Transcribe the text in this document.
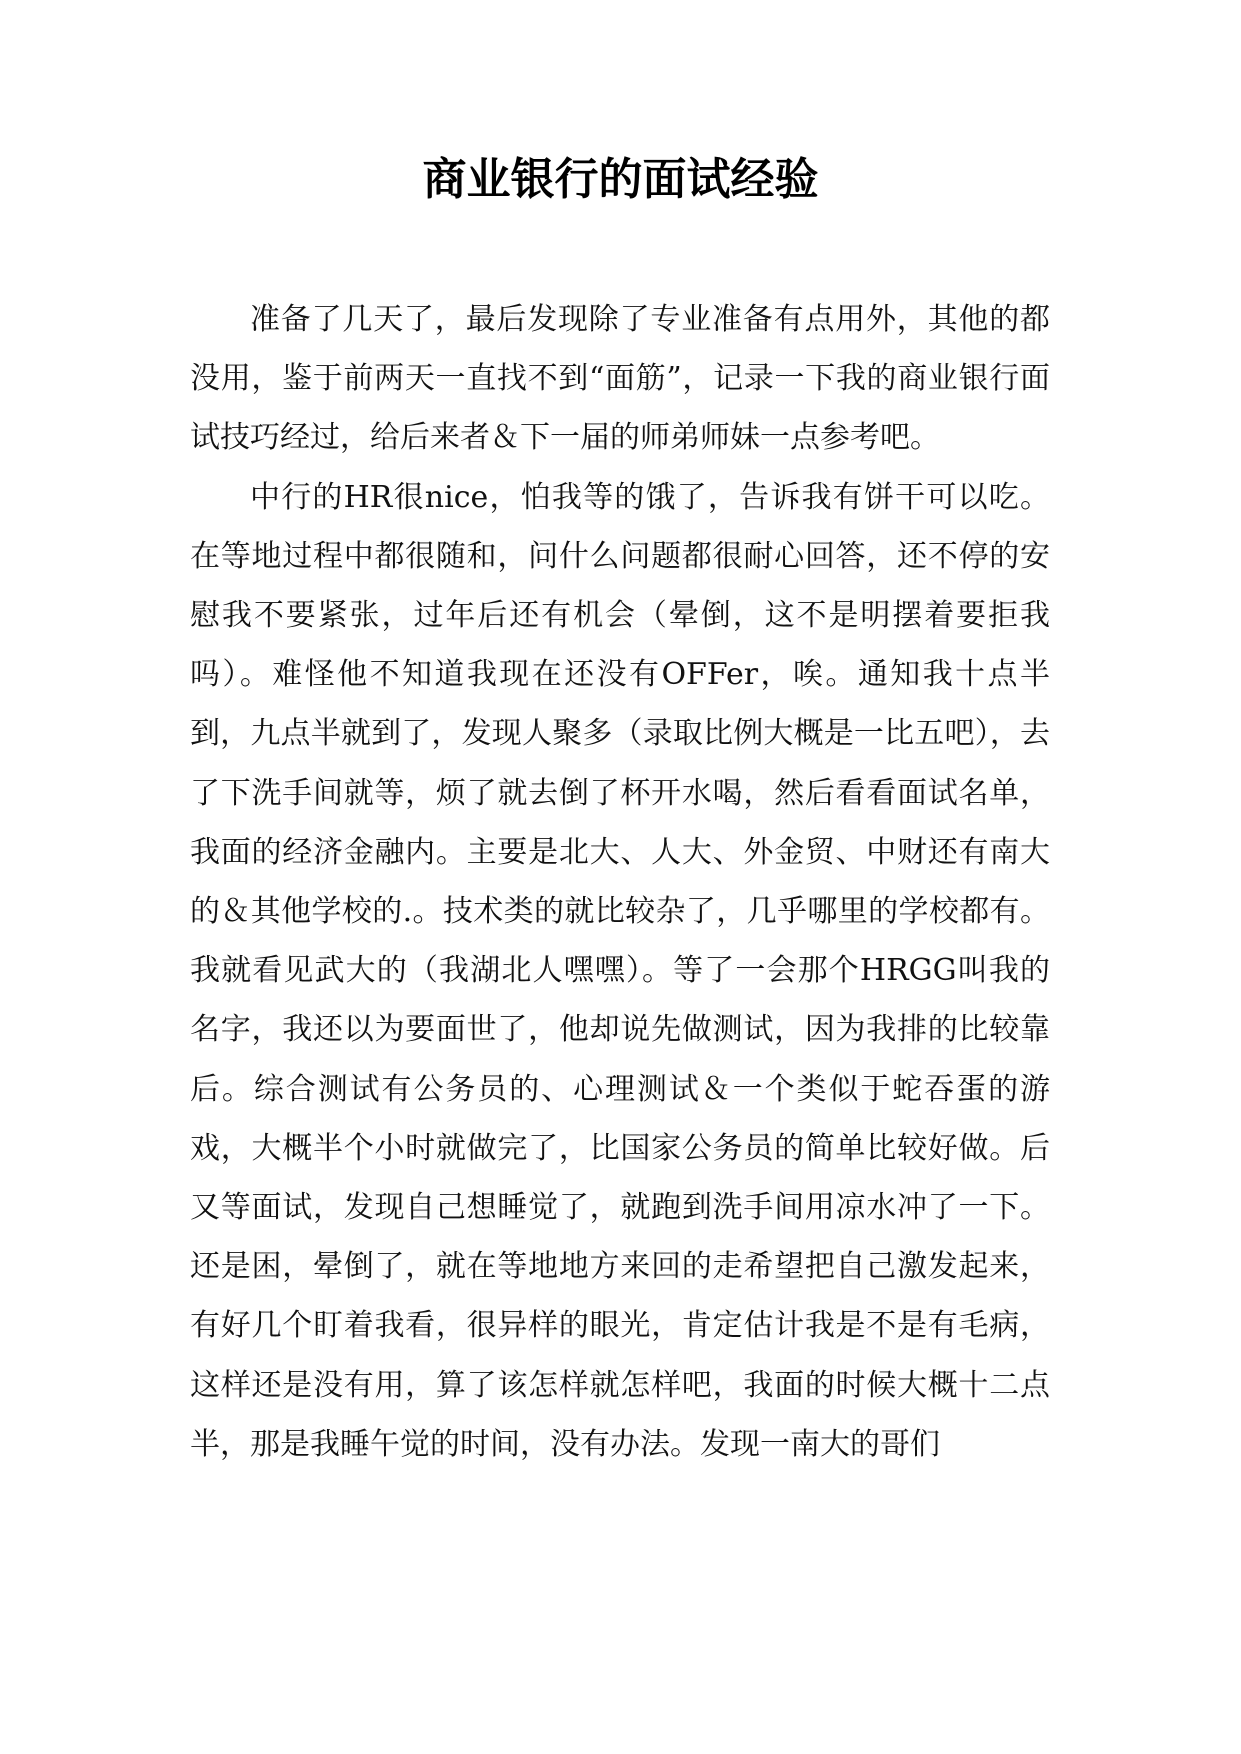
商业银行的面试经验

准备了几天了，最后发现除了专业准备有点用外，其他的都没用，鉴于前两天一直找不到“面筋”，记录一下我的商业银行面试技巧经过，给后来者＆下一届的师弟师妹一点参考吧。

中行的HR很nice，怕我等的饿了，告诉我有饼干可以吃。在等地过程中都很随和，问什么问题都很耐心回答，还不停的安慰我不要紧张，过年后还有机会（晕倒，这不是明摆着要拒我吗）。难怪他不知道我现在还没有OFFer，唉。通知我十点半到，九点半就到了，发现人聚多（录取比例大概是一比五吧），去了下洗手间就等，烦了就去倒了杯开水喝，然后看看面试名单，我面的经济金融内。主要是北大、人大、外金贸、中财还有南大的＆其他学校的.。技术类的就比较杂了，几乎哪里的学校都有。我就看见武大的（我湖北人嘿嘿）。等了一会那个HRGG叫我的名字，我还以为要面世了，他却说先做测试，因为我排的比较靠后。综合测试有公务员的、心理测试＆一个类似于蛇吞蛋的游戏，大概半个小时就做完了，比国家公务员的简单比较好做。后又等面试，发现自己想睡觉了，就跑到洗手间用凉水冲了一下。还是困，晕倒了，就在等地地方来回的走希望把自己激发起来，有好几个盯着我看，很异样的眼光，肯定估计我是不是有毛病，这样还是没有用，算了该怎样就怎样吧，我面的时候大概十二点半，那是我睡午觉的时间，没有办法。发现一南大的哥们
